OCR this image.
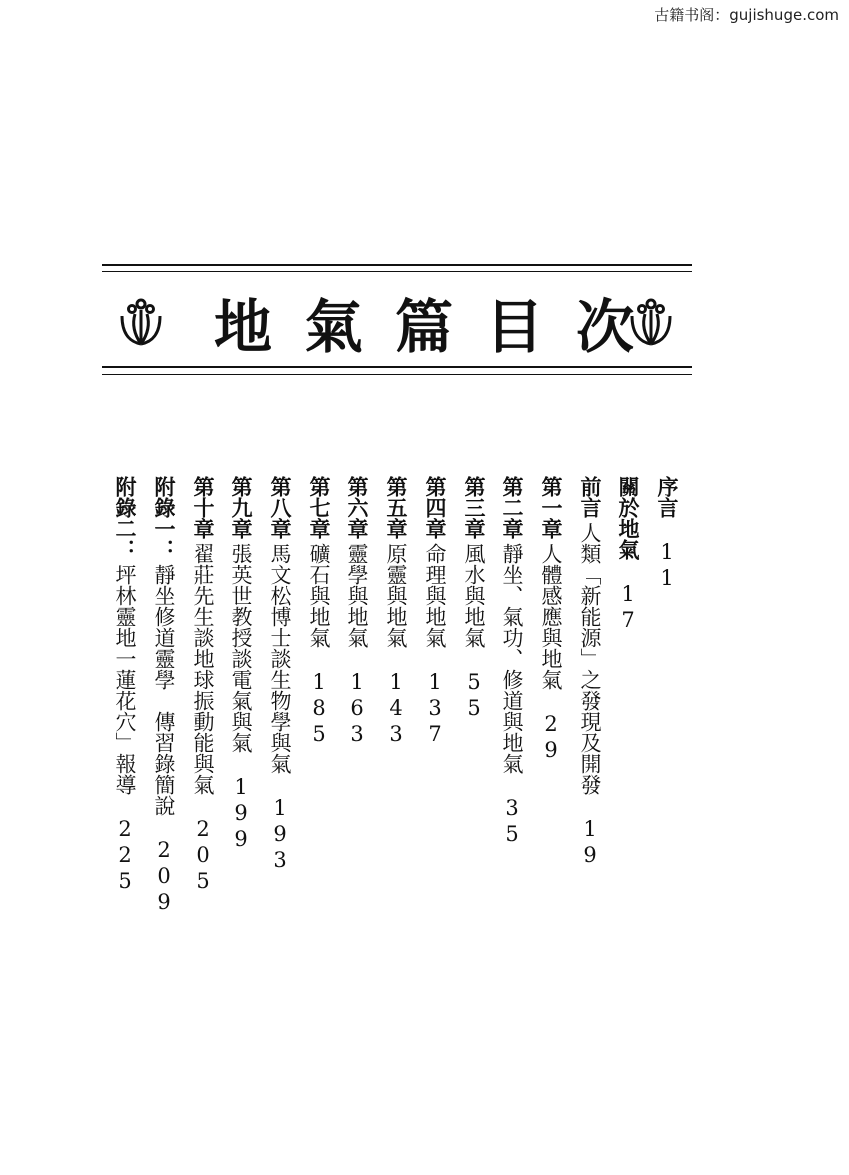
古籍书阁：gujishuge.com
地 氣 篇 目 次
序言11
關於地氣17
前言人類「新能源」之發現及開發19
第一章人體感應與地氣29
第二章靜坐、氣功、修道與地氣35
第三章風水與地氣55
第四章命理與地氣137
第五章原靈與地氣143
第六章靈學與地氣163
第七章礦石與地氣185
第八章馬文松博士談生物學與氣193
第九章張英世教授談電氣與氣199
第十章翟莊先生談地球振動能與氣205
附錄一：靜坐修道靈學　傳習錄簡說209
附錄二：坪林靈地一蓮花穴」報導225
